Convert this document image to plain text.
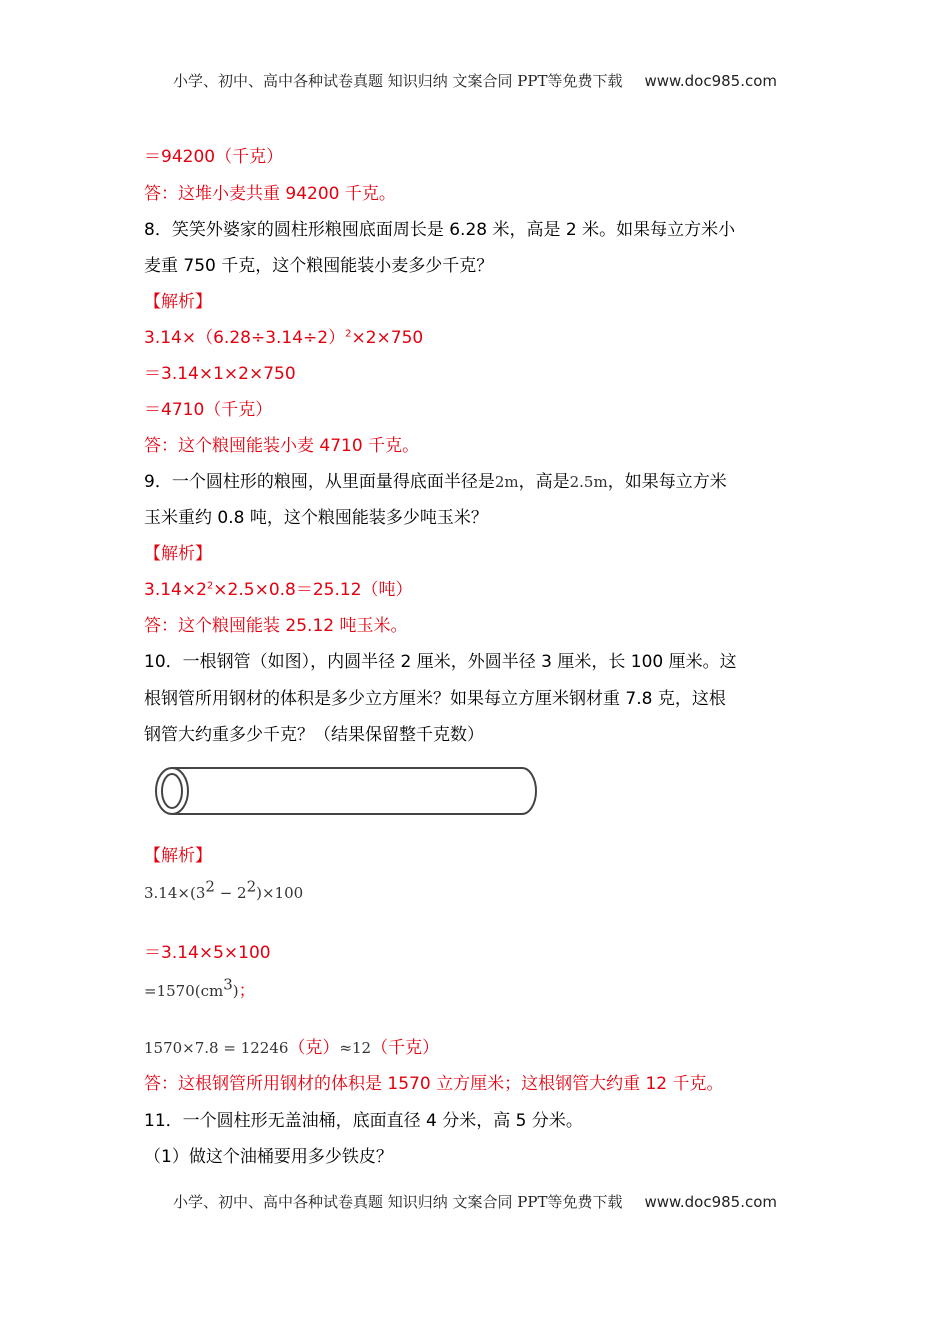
小学、初中、高中各种试卷真题 知识归纳 文案合同 PPT等免费下载 www.doc985.com
＝94200（千克）
答：这堆小麦共重 94200 千克。
8．笑笑外婆家的圆柱形粮囤底面周长是 6.28 米，高是 2 米。如果每立方米小
麦重 750 千克，这个粮囤能装小麦多少千克？
【解析】
$3.14\times(6.28\div 3.14\div 2)^2\times 2\times 750$
＝3.14×1×2×750
＝4710（千克）
答：这个粮囤能装小麦 4710 千克。
9．一个圆柱形的粮囤，从里面量得底面半径是2m，高是2.5m，如果每立方米
玉米重约 0.8 吨，这个粮囤能装多少吨玉米？
【解析】
$3.14\times 2^2\times 2.5\times 0.8=25.12$（吨）
答：这个粮囤能装 25.12 吨玉米。
10．一根钢管（如图），内圆半径 2 厘米，外圆半径 3 厘米，长 100 厘米。这
根钢管所用钢材的体积是多少立方厘米？如果每立方厘米钢材重 7.8 克，这根
钢管大约重多少千克？（结果保留整千克数）
【解析】
$3.14\times(3^2 - 2^2)\times 100$
＝3.14×5×100
$=1570(cm^3)$；
1570×7.8 = 12246（克）≈12（千克）
答：这根钢管所用钢材的体积是 1570 立方厘米；这根钢管大约重 12 千克。
11．一个圆柱形无盖油桶，底面直径 4 分米，高 5 分米。
（1）做这个油桶要用多少铁皮？
小学、初中、高中各种试卷真题 知识归纳 文案合同 PPT等免费下载 www.doc985.com
